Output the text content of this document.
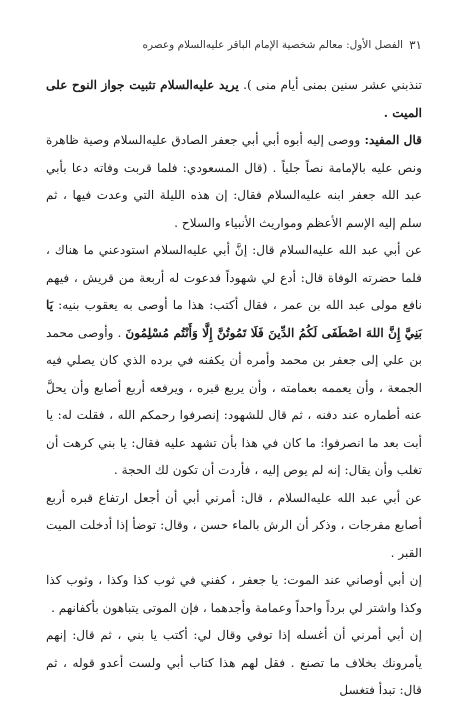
٣١
الفصل الأول: معالم شخصية الإمام الباقر عليه‌السلام وعصره

تنذبني عشر سنين بمنى أيام منى ). يريد عليه‌السلام تثبيت جواز النوح على الميت .

قال المفيد: ووصى إليه أبوه أبي أبي جعفر الصادق عليه‌السلام وصية ظاهرة ونص عليه بالإمامة نصاً جلياً . (قال المسعودي: فلما قربت وفاته دعا بأبي عبد الله جعفر ابنه عليه‌السلام فقال: إن هذه الليلة التي وعدت فيها ، ثم سلم إليه الإسم الأعظم ومواريث الأنبياء والسلاح .

عن أبي عبد الله عليه‌السلام قال: إنَّ أبي عليه‌السلام استودعني ما هناك ، فلما حضرته الوفاة قال: أدع لي شهوداً فدعوت له أربعة من قريش ، فيهم نافع مولى عبد الله بن عمر ، فقال أكتب: هذا ما أوصى به يعقوب بنيه: يَا بَنِيَّ إِنَّ اللهَ اصْطَفَى لَكُمُ الدِّينَ فَلَا تَمُوتُنَّ إِلَّا وَأَنْتُم مُسْلِمُونَ . وأوصى محمد بن علي إلى جعفر بن محمد وأمره أن يكفنه في برده الذي كان يصلي فيه الجمعة ، وأن يعممه بعمامته ، وأن يربع قبره ، ويرفعه أربع أصابع وأن يحلَّ عنه أطماره عند دفنه ، ثم قال للشهود: إنصرفوا رحمكم الله ، فقلت له: يا أبت بعد ما انصرفوا: ما كان في هذا بأن تشهد عليه فقال: يا بني كرهت أن تغلب وأن يقال: إنه لم يوص إليه ، فأردت أن تكون لك الحجة .

عن أبي عبد الله عليه‌السلام ، قال: أمرني أبي أن أجعل ارتفاع قبره أربع أصابع مفرجات ، وذكر أن الرش بالماء حسن ، وقال: توضأ إذا أدخلت الميت القبر .

إن أبي أوصاني عند الموت: يا جعفر ، كفني في ثوب كذا وكذا ، وثوب كذا وكذا واشتر لي برداً واحداً وعمامة وأجدهما ، فإن الموتى يتباهون بأكفانهم .

إن أبي أمرني أن أغسله إذا توفي وقال لي: أكتب يا بني ، ثم قال: إنهم يأمرونك بخلاف ما تصنع . فقل لهم هذا كتاب أبي ولست أعدو قوله ، ثم قال: تبدأ فتغسل
